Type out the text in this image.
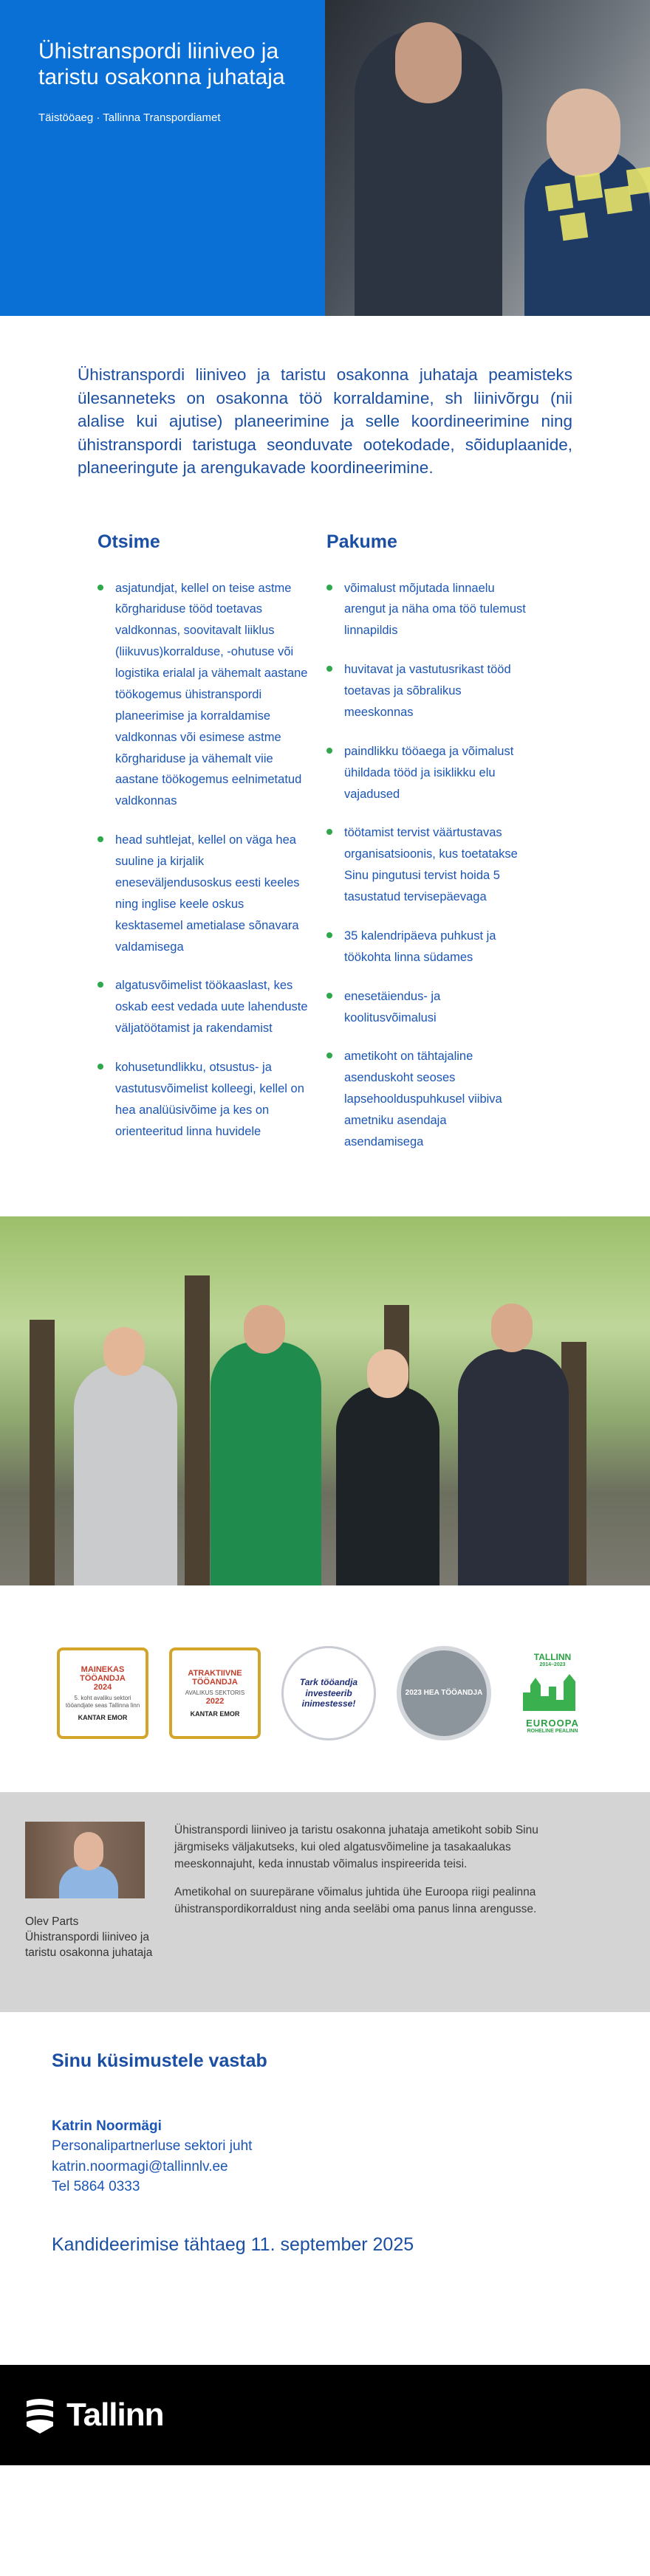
Ühistranspordi liiniveo ja taristu osakonna juhataja
Täistööaeg · Tallinna Transpordiamet

Ühistranspordi liiniveo ja taristu osakonna juhataja peamisteks ülesanneteks on osakonna töö korraldamine, sh liinivõrgu (nii alalise kui ajutise) planeerimine ja selle koordineerimine ning ühistranspordi taristuga seonduvate ootekodade, sõiduplaanide, planeeringute ja arengukavade koordineerimine.

Otsime
asjatundjat, kellel on teise astme kõrghariduse tööd toetavas valdkonnas, soovitavalt liiklus (liikuvus)korralduse, -ohutuse või logistika erialal ja vähemalt aastane töökogemus ühistranspordi planeerimise ja korraldamise valdkonnas või esimese astme kõrghariduse ja vähemalt viie aastane töökogemus eelnimetatud valdkonnas
head suhtlejat, kellel on väga hea suuline ja kirjalik eneseväljendusoskus eesti keeles ning inglise keele oskus kesktasemel ametialase sõnavara valdamisega
algatusvõimelist töökaaslast, kes oskab eest vedada uute lahenduste väljatöötamist ja rakendamist
kohusetundlikku, otsustus- ja vastutusvõimelist kolleegi, kellel on hea analüüsivõime ja kes on orienteeritud linna huvidele
Pakume
võimalust mõjutada linnaelu arengut ja näha oma töö tulemust linnapildis
huvitavat ja vastutusrikast tööd toetavas ja sõbralikus meeskonnas
paindlikku tööaega ja võimalust ühildada tööd ja isiklikku elu vajadused
töötamist tervist väärtustavas organisatsioonis, kus toetatakse Sinu pingutusi tervist hoida 5 tasustatud tervisepäevaga
35 kalendripäeva puhkust ja töökohta linna südames
enesetäiendus- ja koolitusvõimalusi
ametikoht on tähtajaline asenduskoht seoses lapsehoolduspuhkusel viibiva ametniku asendaja asendamisega
MAINEKAS
TÖÖANDJA
2024
5. koht avaliku sektori tööandjate seas Tallinna linn
KANTAR EMOR
ATRAKTIIVNE
TÖÖANDJA
AVALIKUS SEKTORIS
2022
KANTAR EMOR
Tark tööandja investeerib inimestesse!
2023 HEA TÖÖANDJA
TALLINN
2014–2023
EUROOPA
ROHELINE PEALINN
Olev Parts
Ühistranspordi liiniveo ja taristu osakonna juhataja

Ühistranspordi liiniveo ja taristu osakonna juhataja ametikoht sobib Sinu järgmiseks väljakutseks, kui oled algatusvõimeline ja tasakaalukas meeskonnajuht, keda innustab võimalus inspireerida teisi.

Ametikohal on suurepärane võimalus juhtida ühe Euroopa riigi pealinna ühistranspordikorraldust ning anda seeläbi oma panus linna arengusse.

Sinu küsimustele vastab
Katrin Noormägi
Personalipartnerluse sektori juht
katrin.noormagi@tallinnlv.ee
Tel 5864 0333
Kandideerimise tähtaeg 11. september 2025
Tallinn
